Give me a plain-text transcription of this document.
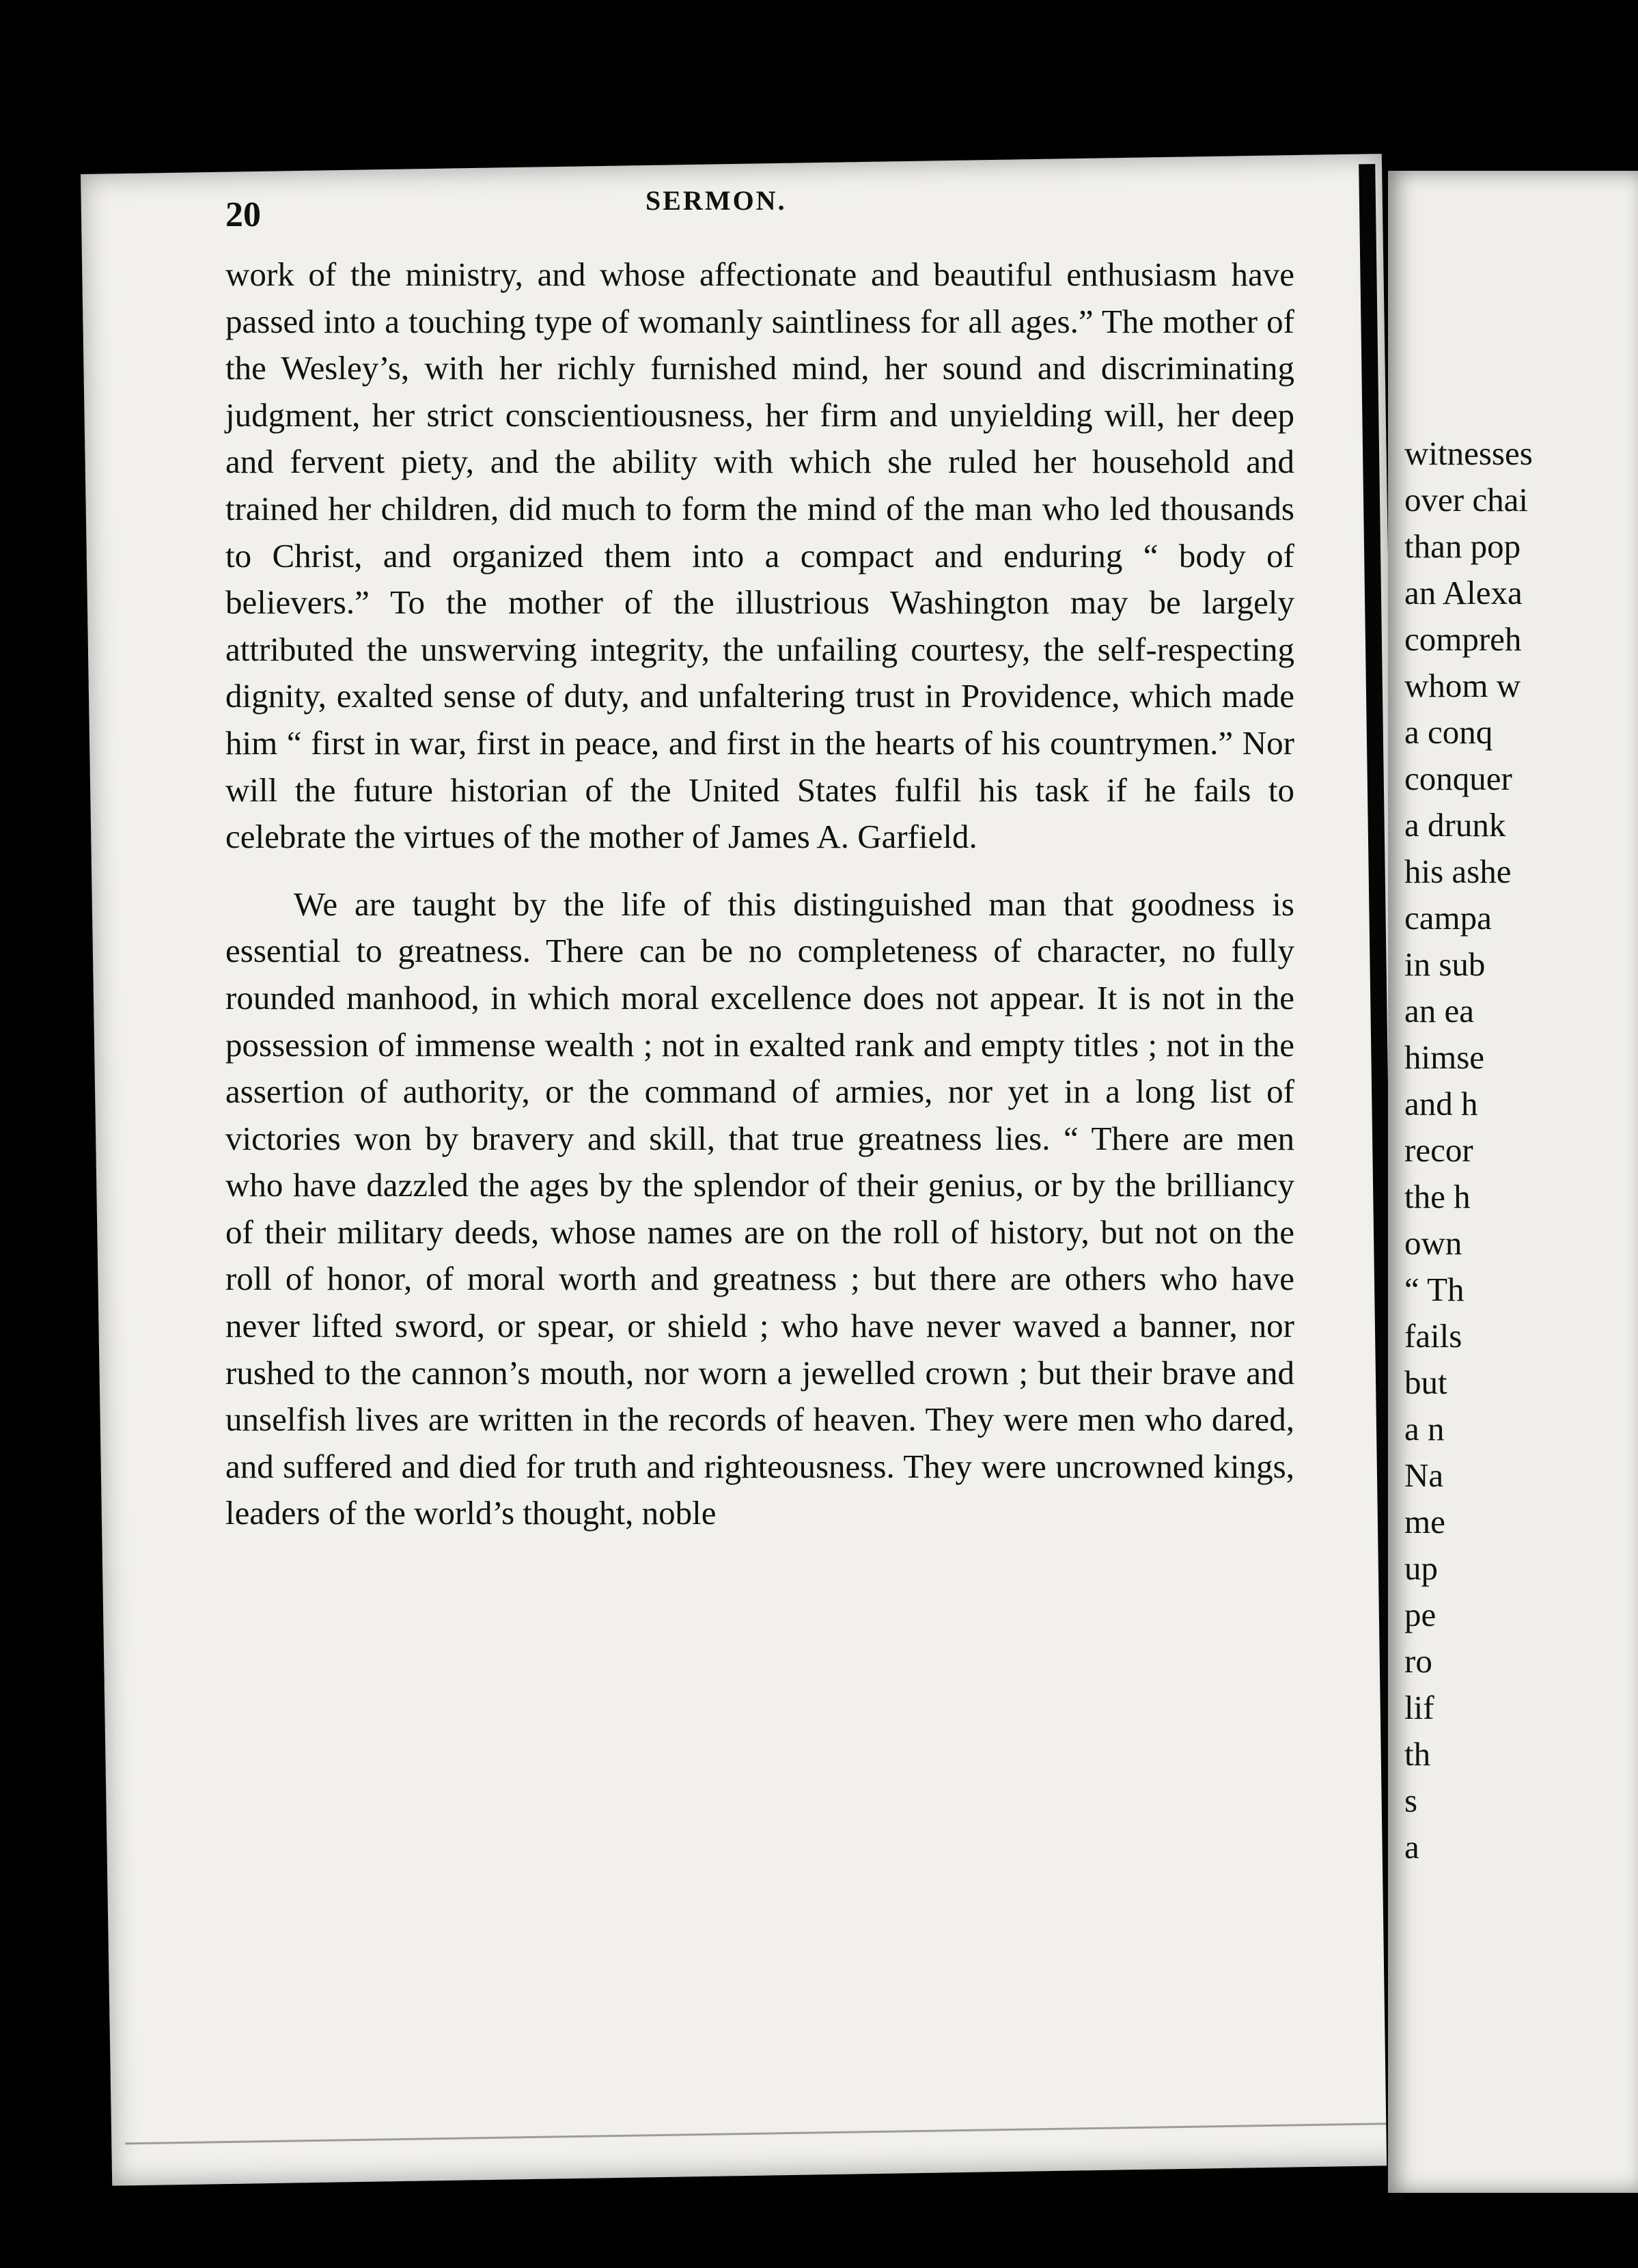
witnesses
over chai
than pop
an Alexa
compreh
whom w
a conq
conquer
a drunk
his ashe
campa
in sub
an ea
himse
and h
recor
the h
own
“ Th
fails
but
a n
Na
me
up
pe
ro
lif
th
s
a
20	SERMON.

work of the ministry, and whose affectionate and beautiful enthusiasm have passed into a touching type of womanly saintliness for all ages.” The mother of the Wesley’s, with her richly furnished mind, her sound and discriminating judgment, her strict conscientiousness, her firm and unyielding will, her deep and fervent piety, and the ability with which she ruled her household and trained her children, did much to form the mind of the man who led thousands to Christ, and organized them into a compact and enduring “ body of believers.” To the mother of the illustrious Washington may be largely attributed the unswerving integrity, the unfailing courtesy, the self-respecting dignity, exalted sense of duty, and unfaltering trust in Providence, which made him “ first in war, first in peace, and first in the hearts of his countrymen.” Nor will the future historian of the United States fulfil his task if he fails to celebrate the virtues of the mother of James A. Garfield.

We are taught by the life of this distinguished man that goodness is essential to greatness. There can be no completeness of character, no fully rounded manhood, in which moral excellence does not appear. It is not in the possession of immense wealth ; not in exalted rank and empty titles ; not in the assertion of authority, or the command of armies, nor yet in a long list of victories won by bravery and skill, that true greatness lies. “ There are men who have dazzled the ages by the splendor of their genius, or by the brilliancy of their military deeds, whose names are on the roll of history, but not on the roll of honor, of moral worth and greatness ; but there are others who have never lifted sword, or spear, or shield ; who have never waved a banner, nor rushed to the cannon’s mouth, nor worn a jewelled crown ; but their brave and unselfish lives are written in the records of heaven. They were men who dared, and suffered and died for truth and righteousness. They were uncrowned kings, leaders of the world’s thought, noble
